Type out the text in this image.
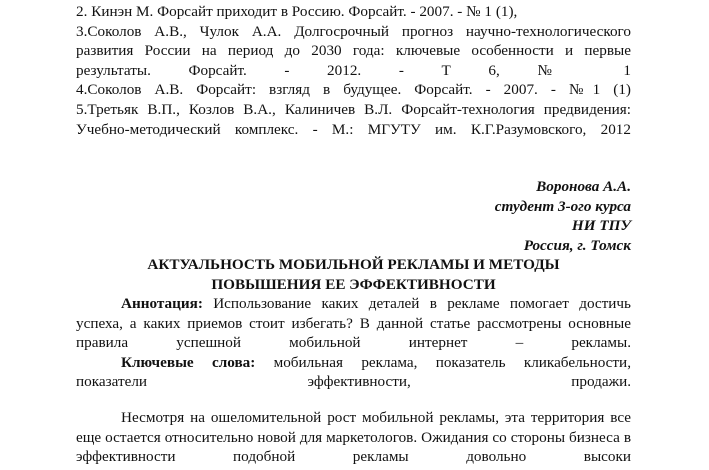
2. Кинэн М. Форсайт приходит в Россию. Форсайт. - 2007. - № 1 (1),

3.Соколов А.В., Чулок А.А. Долгосрочный прогноз научно-технологического развития России на период до 2030 года: ключевые особенности и первые результаты. Форсайт. - 2012. - Т 6, № 1

4.Соколов А.В. Форсайт: взгляд в будущее. Форсайт. - 2007. - №1 (1)

5.Третьяк В.П., Козлов В.А., Калиничев В.Л. Форсайт-технология предвидения: Учебно-методический комплекс. - М.: МГУТУ им. К.Г.Разумовского, 2012

Воронова А.А.

студент 3-ого курса

НИ ТПУ

Россия, г. Томск

АКТУАЛЬНОСТЬ МОБИЛЬНОЙ РЕКЛАМЫ И МЕТОДЫ

ПОВЫШЕНИЯ ЕЕ ЭФФЕКТИВНОСТИ

Аннотация: Использование каких деталей в рекламе помогает достичь успеха, а каких приемов стоит избегать? В данной статье рассмотрены основные правила успешной мобильной интернет – рекламы.

Ключевые слова: мобильная реклама, показатель кликабельности, показатели эффективности, продажи.

Несмотря на ошеломительной рост мобильной рекламы, эта территория все еще остается относительно новой для маркетологов. Ожидания со стороны бизнеса в эффективности подобной рекламы довольно высоки
